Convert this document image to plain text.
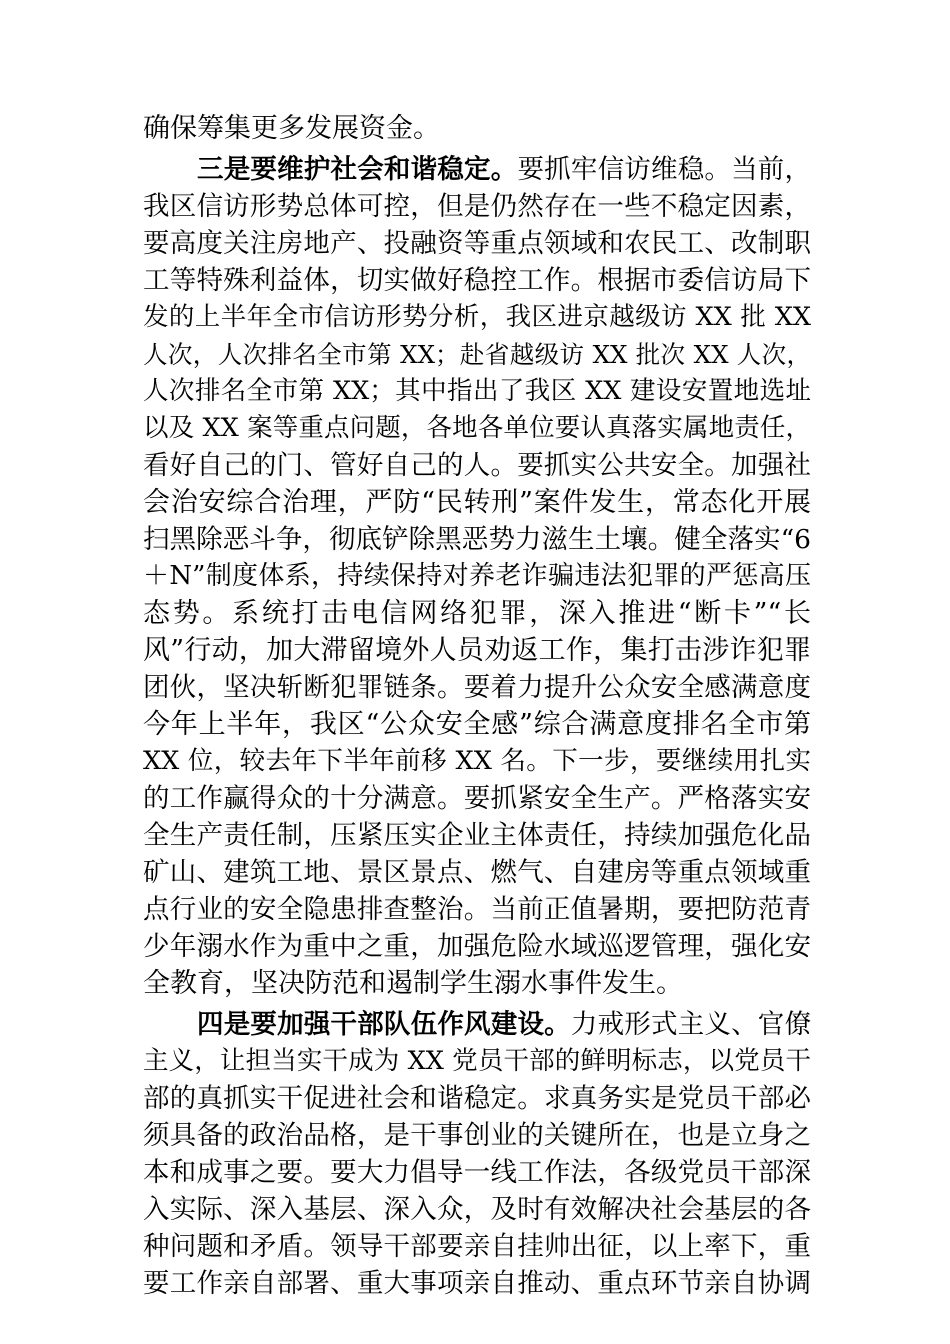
确保筹集更多发展资金。
三是要维护社会和谐稳定。要抓牢信访维稳。当前，
我区信访形势总体可控，但是仍然存在一些不稳定因素，
要高度关注房地产、投融资等重点领域和农民工、改制职
工等特殊利益体，切实做好稳控工作。根据市委信访局下
发的上半年全市信访形势分析，我区进京越级访 XX 批 XX
人次，人次排名全市第 XX；赴省越级访 XX 批次 XX 人次，
人次排名全市第 XX；其中指出了我区 XX 建设安置地选址
以及 XX 案等重点问题，各地各单位要认真落实属地责任，
看好自己的门、管好自己的人。要抓实公共安全。加强社
会治安综合治理，严防“民转刑”案件发生，常态化开展
扫黑除恶斗争，彻底铲除黑恶势力滋生土壤。健全落实“6
＋N”制度体系，持续保持对养老诈骗违法犯罪的严惩高压
态势。系统打击电信网络犯罪，深入推进“断卡”“长
风”行动，加大滞留境外人员劝返工作，集打击涉诈犯罪
团伙，坚决斩断犯罪链条。要着力提升公众安全感满意度
今年上半年，我区“公众安全感”综合满意度排名全市第
XX 位，较去年下半年前移 XX 名。下一步，要继续用扎实
的工作赢得众的十分满意。要抓紧安全生产。严格落实安
全生产责任制，压紧压实企业主体责任，持续加强危化品
矿山、建筑工地、景区景点、燃气、自建房等重点领域重
点行业的安全隐患排查整治。当前正值暑期，要把防范青
少年溺水作为重中之重，加强危险水域巡逻管理，强化安
全教育，坚决防范和遏制学生溺水事件发生。
四是要加强干部队伍作风建设。力戒形式主义、官僚
主义，让担当实干成为 XX 党员干部的鲜明标志，以党员干
部的真抓实干促进社会和谐稳定。求真务实是党员干部必
须具备的政治品格，是干事创业的关键所在，也是立身之
本和成事之要。要大力倡导一线工作法，各级党员干部深
入实际、深入基层、深入众，及时有效解决社会基层的各
种问题和矛盾。领导干部要亲自挂帅出征，以上率下，重
要工作亲自部署、重大事项亲自推动、重点环节亲自协调
